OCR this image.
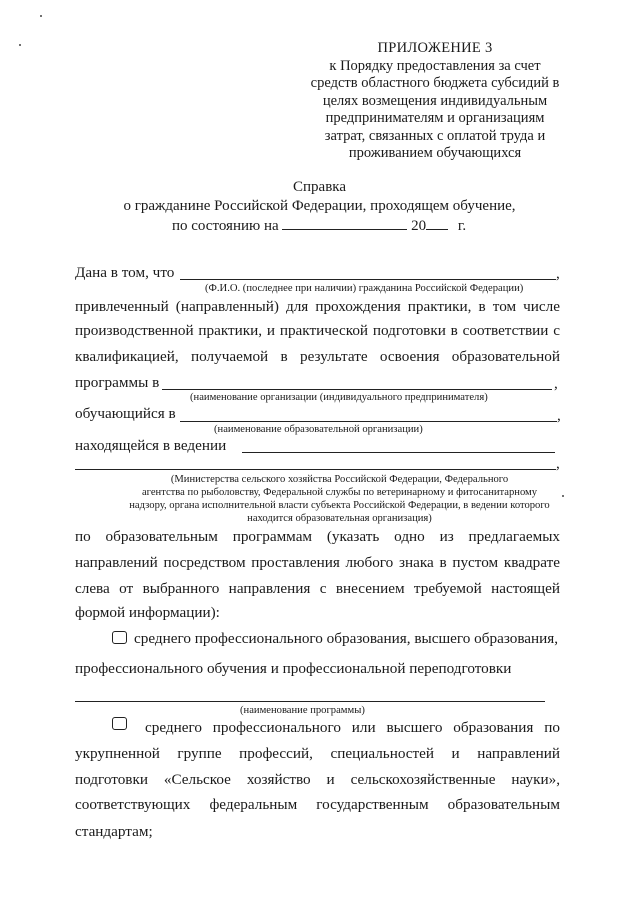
ПРИЛОЖЕНИЕ 3
к Порядку предоставления за счет
средств областного бюджета субсидий в
целях возмещения индивидуальным
предпринимателям и организациям
затрат, связанных с оплатой труда и
проживанием обучающихся
Справка
о гражданине Российской Федерации, проходящем обучение,
по состоянию на	20 г.
Дана в том, что	,
(Ф.И.О. (последнее при наличии) гражданина Российской Федерации)
привлеченный (направленный) для прохождения практики, в том числе
производственной практики, и практической подготовки в соответствии с
квалификацией, получаемой в результате освоения образовательной
программы в	,
(наименование организации (индивидуального предпринимателя)
обучающийся в	,
(наименование образовательной организации)
находящейся в ведении
,
(Министерства сельского хозяйства Российской Федерации, Федерального
агентства по рыболовству, Федеральной службы по ветеринарному и фитосанитарному
надзору, органа исполнительной власти субъекта Российской Федерации, в ведении которого
находится образовательная организация)
по образовательным программам (указать одно из предлагаемых
направлений посредством проставления любого знака в пустом квадрате
слева от выбранного направления с внесением требуемой настоящей
формой информации):
среднего профессионального образования, высшего образования,
профессионального обучения и профессиональной переподготовки
(наименование программы)
среднего профессионального или высшего образования по
укрупненной группе профессий, специальностей и направлений
подготовки «Сельское хозяйство и сельскохозяйственные науки»,
соответствующих федеральным государственным образовательным
стандартам;
